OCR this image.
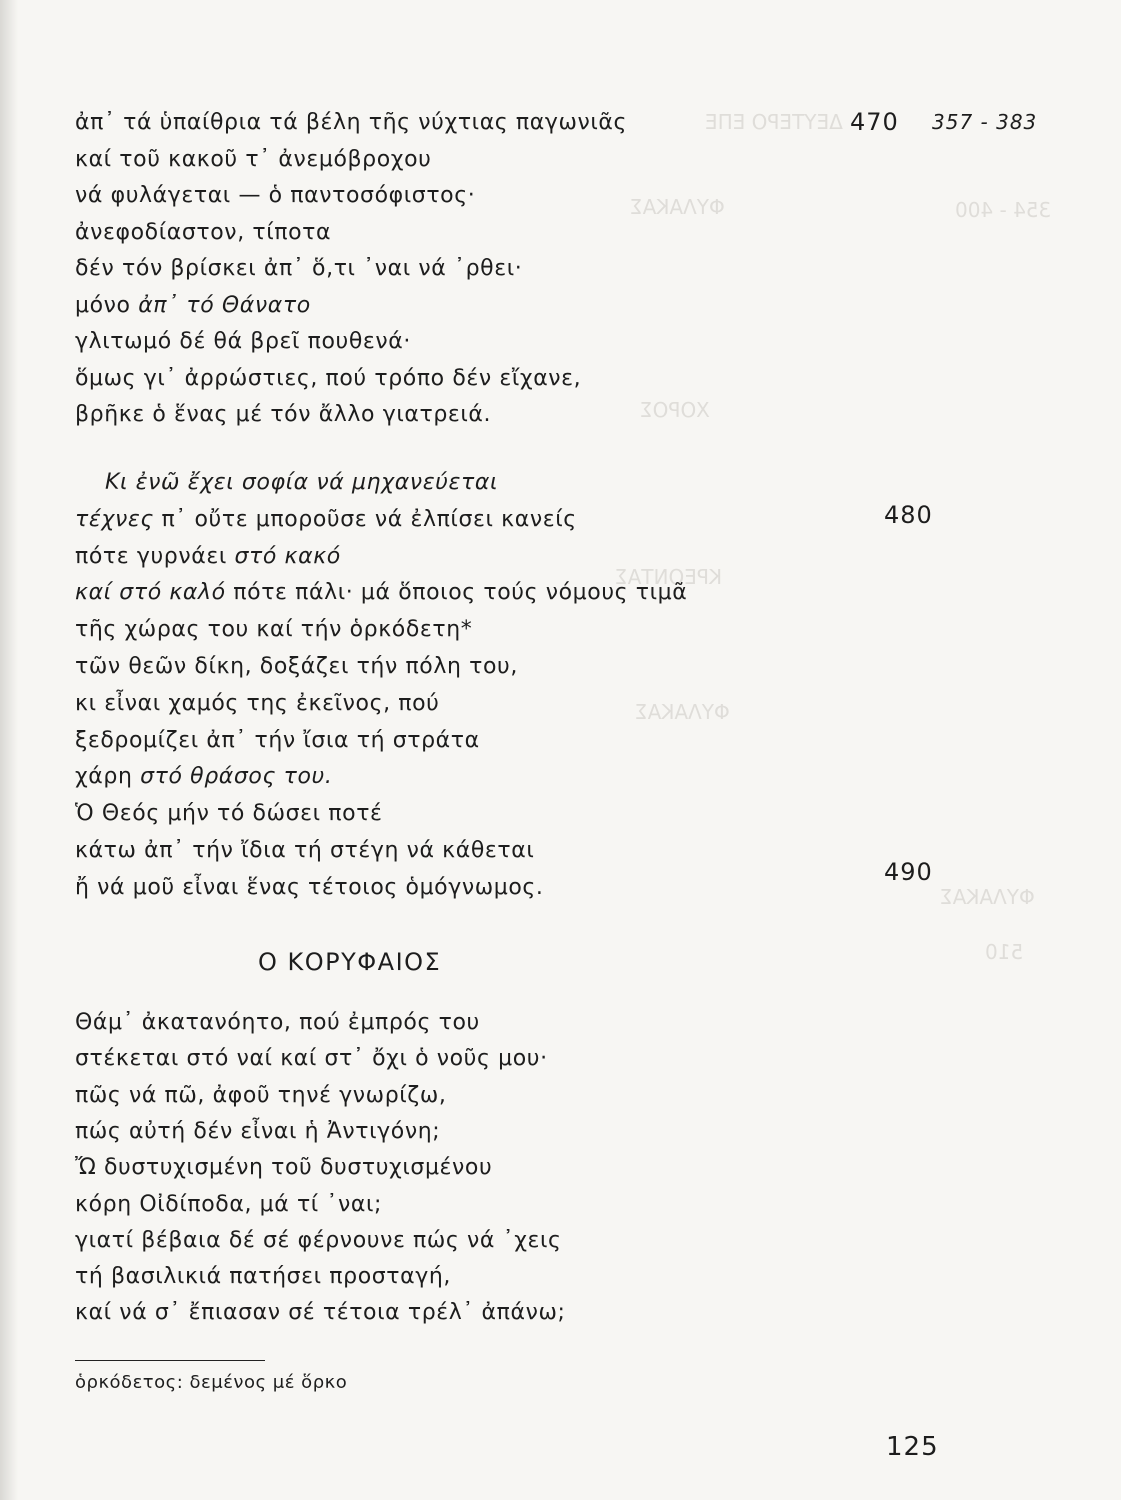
ΔΕΥΤΕΡΟ ΕΠΕ
ΦΥΛΑΚΑΣ
ΧΟΡΟΣ
ΚΡΕΟΝΤΑΣ
ΦΥΛΑΚΑΣ
ΦΥΛΑΚΑΣ
354 - 400
510
357 - 383
ἀπ᾽ τά ὑπαίθρια τά βέλη τῆς νύχτιας παγωνιᾶς
καί τοῦ κακοῦ τ᾽ ἀνεμόβροχου
νά φυλάγεται — ὁ παντοσόφιστος·
ἀνεφοδίαστον, τίποτα
δέν τόν βρίσκει ἀπ᾽ ὅ,τι ᾽ναι νά ᾽ρθει·
μόνο ἀπ᾽ τό Θάνατο
γλιτωμό δέ θά βρεῖ πουθενά·
ὅμως γι᾽ ἀρρώστιες, πού τρόπο δέν εἴχανε,
βρῆκε ὁ ἕνας μέ τόν ἄλλο γιατρειά.
Κι ἐνῶ ἔχει σοφία νά μηχανεύεται
τέχνες π᾽ οὔτε μποροῦσε νά ἐλπίσει κανείς
πότε γυρνάει στό κακό
καί στό καλό πότε πάλι· μά ὅποιος τούς νόμους τιμᾶ
τῆς χώρας του καί τήν ὁρκόδετη*
τῶν θεῶν δίκη, δοξάζει τήν πόλη του,
κι εἶναι χαμός της ἐκεῖνος, πού
ξεδρομίζει ἀπ᾽ τήν ἴσια τή στράτα
χάρη στό θράσος του.
Ὁ Θεός μήν τό δώσει ποτέ
κάτω ἀπ᾽ τήν ἴδια τή στέγη νά κάθεται
ἤ νά μοῦ εἶναι ἕνας τέτοιος ὁμόγνωμος.
Ο ΚΟΡΥΦΑΙΟΣ
Θάμ᾽ ἀκατανόητο, πού ἐμπρός του
στέκεται στό ναί καί στ᾽ ὄχι ὁ νοῦς μου·
πῶς νά πῶ, ἀφοῦ τηνέ γνωρίζω,
πώς αὐτή δέν εἶναι ἡ Ἀντιγόνη;
Ὤ δυστυχισμένη τοῦ δυστυχισμένου
κόρη Οἰδίποδα, μά τί ᾽ναι;
γιατί βέβαια δέ σέ φέρνουνε πώς νά ᾽χεις
τή βασιλικιά πατήσει προσταγή,
καί νά σ᾽ ἔπιασαν σέ τέτοια τρέλ᾽ ἀπάνω;
470
480
490
ὁρκόδετος: δεμένος μέ ὅρκο
125
